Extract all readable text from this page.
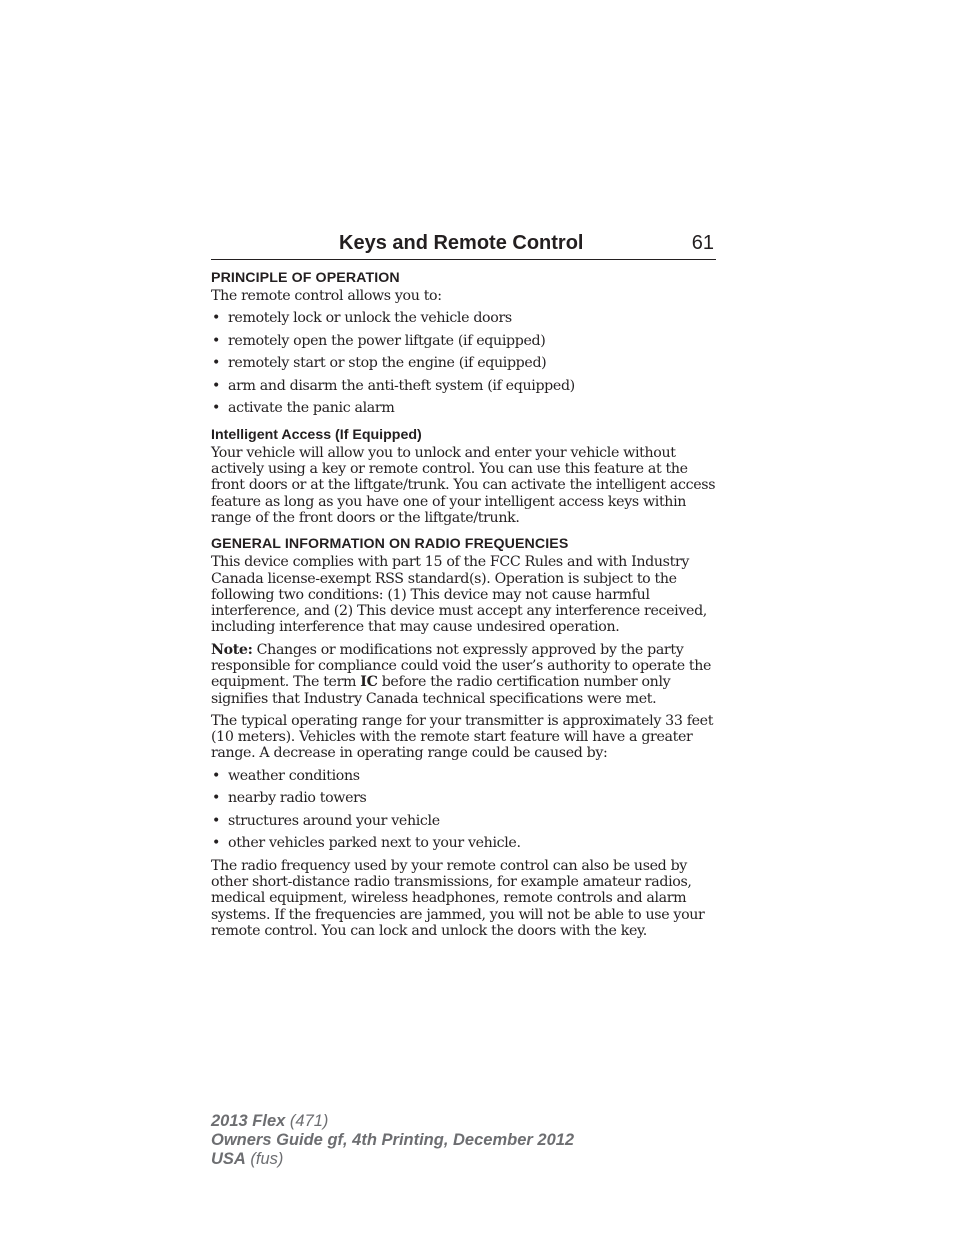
Keys and Remote Control	61
PRINCIPLE OF OPERATION

The remote control allows you to:

• remotely lock or unlock the vehicle doors
• remotely open the power liftgate (if equipped)
• remotely start or stop the engine (if equipped)
• arm and disarm the anti-theft system (if equipped)
• activate the panic alarm
Intelligent Access (If Equipped)

Your vehicle will allow you to unlock and enter your vehicle without actively using a key or remote control. You can use this feature at the front doors or at the liftgate/trunk. You can activate the intelligent access feature as long as you have one of your intelligent access keys within range of the front doors or the liftgate/trunk.

GENERAL INFORMATION ON RADIO FREQUENCIES

This device complies with part 15 of the FCC Rules and with Industry Canada license-exempt RSS standard(s). Operation is subject to the following two conditions: (1) This device may not cause harmful interference, and (2) This device must accept any interference received, including interference that may cause undesired operation.

Note: Changes or modifications not expressly approved by the party responsible for compliance could void the user’s authority to operate the equipment. The term IC before the radio certification number only signifies that Industry Canada technical specifications were met.

The typical operating range for your transmitter is approximately 33 feet (10 meters). Vehicles with the remote start feature will have a greater range. A decrease in operating range could be caused by:

• weather conditions
• nearby radio towers
• structures around your vehicle
• other vehicles parked next to your vehicle.

The radio frequency used by your remote control can also be used by other short-distance radio transmissions, for example amateur radios, medical equipment, wireless headphones, remote controls and alarm systems. If the frequencies are jammed, you will not be able to use your remote control. You can lock and unlock the doors with the key.

2013 Flex (471)
Owners Guide gf, 4th Printing, December 2012
USA (fus)
